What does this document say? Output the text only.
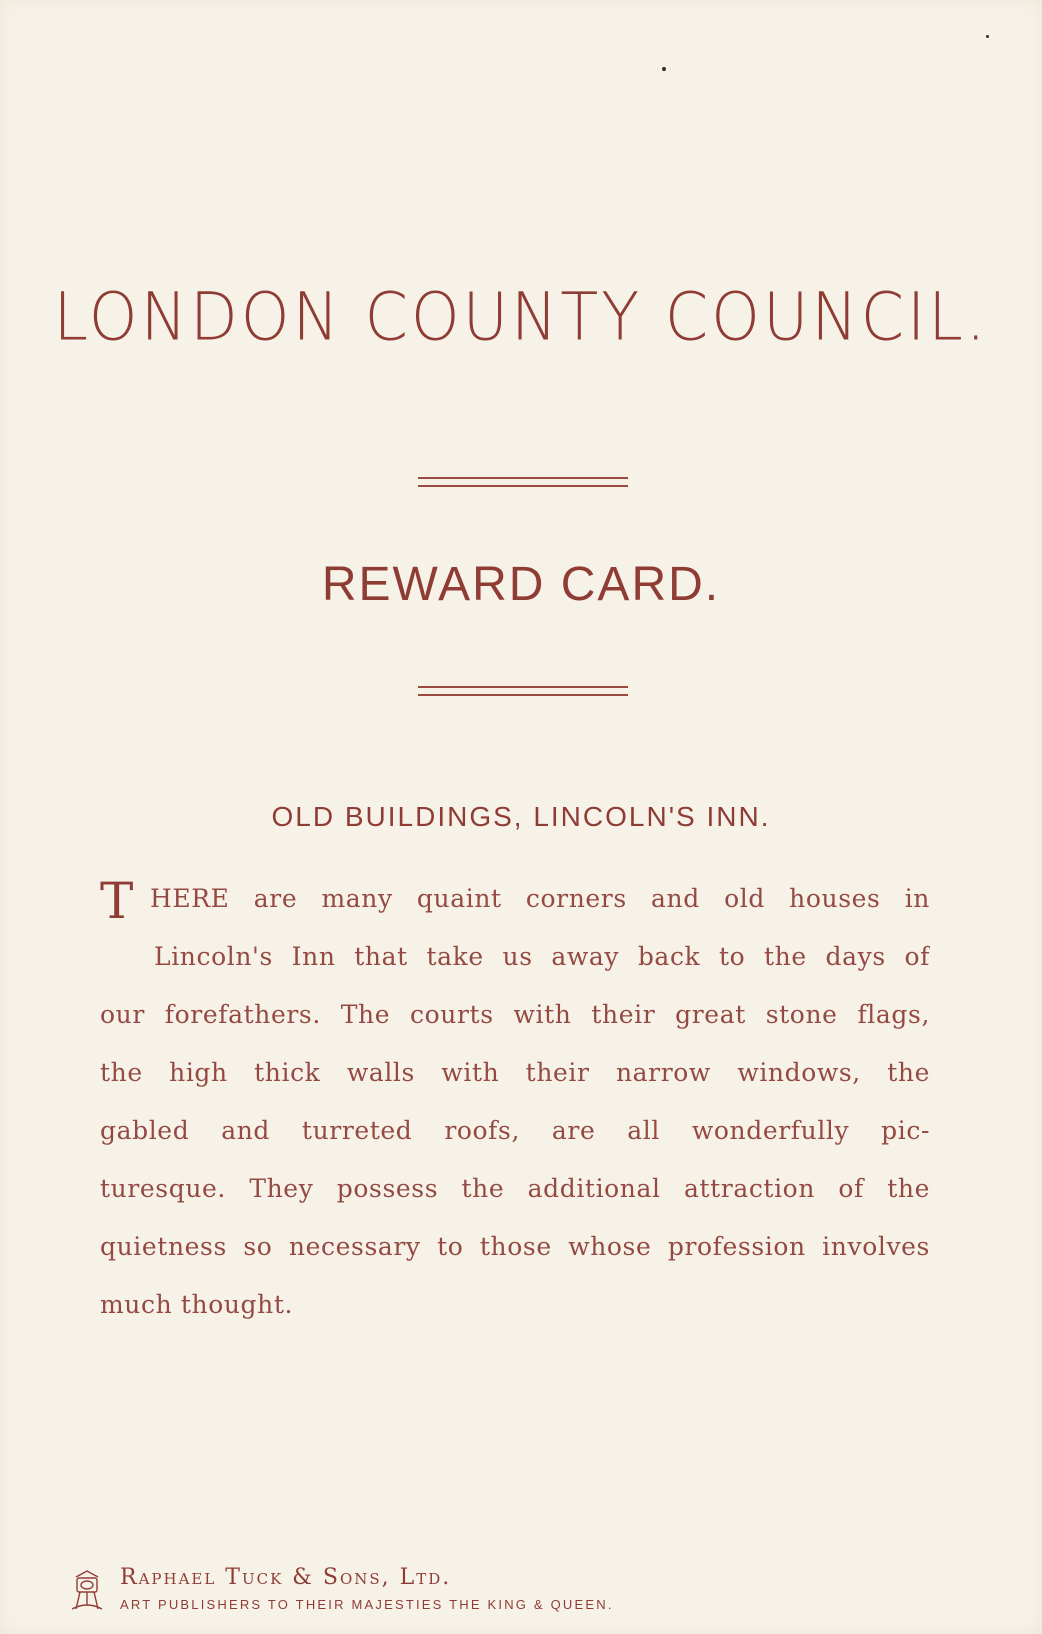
LONDON COUNTY COUNCIL.
REWARD CARD.
OLD BUILDINGS, LINCOLN'S INN.
T HERE are many quaint corners and old houses in
Lincoln's Inn that take us away back to the days of
our forefathers. The courts with their great stone flags,
the high thick walls with their narrow windows, the
gabled and turreted roofs, are all wonderfully pic-
turesque. They possess the additional attraction of the
quietness so necessary to those whose profession involves
much thought.
Raphael Tuck & Sons, Ltd.
ART PUBLISHERS TO THEIR MAJESTIES THE KING & QUEEN.
